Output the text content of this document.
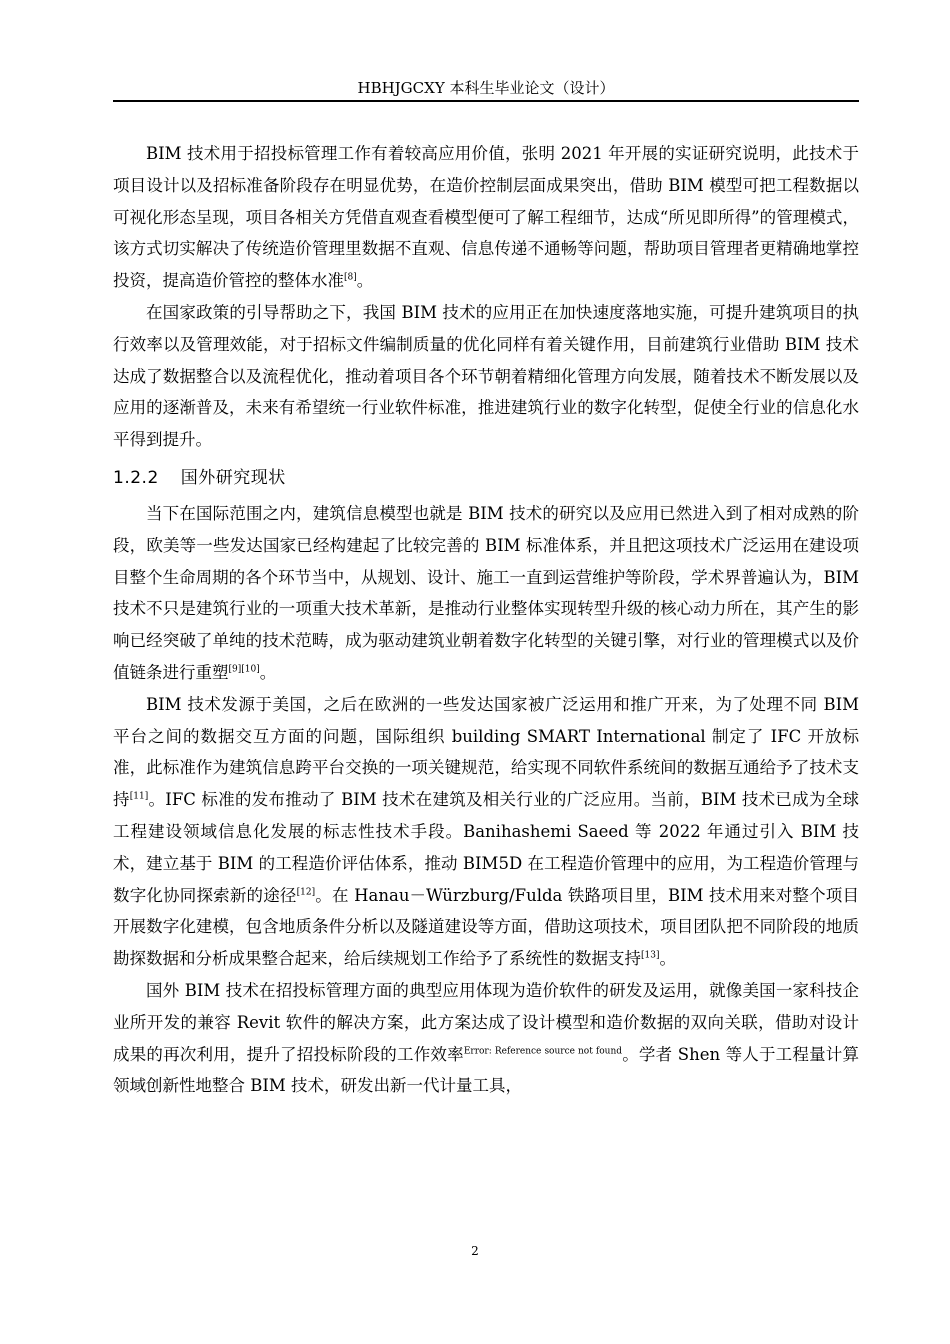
HBHJGCXY 本科生毕业论文（设计）

BIM 技术用于招投标管理工作有着较高应用价值，张明 2021 年开展的实证研究说明，此技术于项目设计以及招标准备阶段存在明显优势，在造价控制层面成果突出，借助 BIM 模型可把工程数据以可视化形态呈现，项目各相关方凭借直观查看模型便可了解工程细节，达成“所见即所得”的管理模式，该方式切实解决了传统造价管理里数据不直观、信息传递不通畅等问题，帮助项目管理者更精确地掌控投资，提高造价管控的整体水准[8]。

在国家政策的引导帮助之下，我国 BIM 技术的应用正在加快速度落地实施，可提升建筑项目的执行效率以及管理效能，对于招标文件编制质量的优化同样有着关键作用，目前建筑行业借助 BIM 技术达成了数据整合以及流程优化，推动着项目各个环节朝着精细化管理方向发展，随着技术不断发展以及应用的逐渐普及，未来有希望统一行业软件标准，推进建筑行业的数字化转型，促使全行业的信息化水平得到提升。

1.2.2 国外研究现状

当下在国际范围之内，建筑信息模型也就是 BIM 技术的研究以及应用已然进入到了相对成熟的阶段，欧美等一些发达国家已经构建起了比较完善的 BIM 标准体系，并且把这项技术广泛运用在建设项目整个生命周期的各个环节当中，从规划、设计、施工一直到运营维护等阶段，学术界普遍认为，BIM 技术不只是建筑行业的一项重大技术革新，是推动行业整体实现转型升级的核心动力所在，其产生的影响已经突破了单纯的技术范畴，成为驱动建筑业朝着数字化转型的关键引擎，对行业的管理模式以及价值链条进行重塑[9][10]。

BIM 技术发源于美国，之后在欧洲的一些发达国家被广泛运用和推广开来，为了处理不同 BIM 平台之间的数据交互方面的问题，国际组织 building SMART International 制定了 IFC 开放标准，此标准作为建筑信息跨平台交换的一项关键规范，给实现不同软件系统间的数据互通给予了技术支持[11]。IFC 标准的发布推动了 BIM 技术在建筑及相关行业的广泛应用。当前，BIM 技术已成为全球工程建设领域信息化发展的标志性技术手段。Banihashemi Saeed 等 2022 年通过引入 BIM 技术，建立基于 BIM 的工程造价评估体系，推动 BIM5D 在工程造价管理中的应用，为工程造价管理与数字化协同探索新的途径[12]。在 Hanau－Würzburg/Fulda 铁路项目里，BIM 技术用来对整个项目开展数字化建模，包含地质条件分析以及隧道建设等方面，借助这项技术，项目团队把不同阶段的地质勘探数据和分析成果整合起来，给后续规划工作给予了系统性的数据支持[13]。

国外 BIM 技术在招投标管理方面的典型应用体现为造价软件的研发及运用，就像美国一家科技企业所开发的兼容 Revit 软件的解决方案，此方案达成了设计模型和造价数据的双向关联，借助对设计成果的再次利用，提升了招投标阶段的工作效率$^{Error: Reference source not found}$。学者 Shen 等人于工程量计算领域创新性地整合 BIM 技术，研发出新一代计量工具，

2
